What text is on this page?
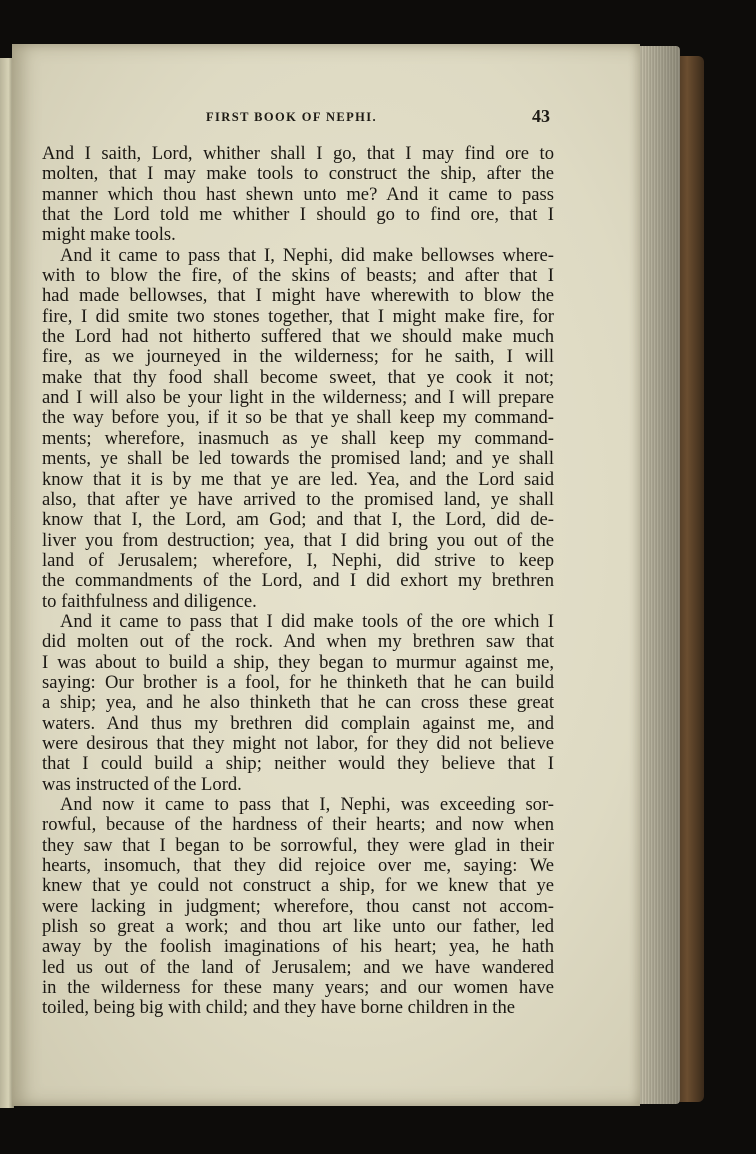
FIRST BOOK OF NEPHI.	43
And I saith, Lord, whither shall I go, that I may find ore to
molten, that I may make tools to construct the ship, after the
manner which thou hast shewn unto me? And it came to pass
that the Lord told me whither I should go to find ore, that I
might make tools.
And it came to pass that I, Nephi, did make bellowses where-
with to blow the fire, of the skins of beasts; and after that I
had made bellowses, that I might have wherewith to blow the
fire, I did smite two stones together, that I might make fire, for
the Lord had not hitherto suffered that we should make much
fire, as we journeyed in the wilderness; for he saith, I will
make that thy food shall become sweet, that ye cook it not;
and I will also be your light in the wilderness; and I will prepare
the way before you, if it so be that ye shall keep my command-
ments; wherefore, inasmuch as ye shall keep my command-
ments, ye shall be led towards the promised land; and ye shall
know that it is by me that ye are led. Yea, and the Lord said
also, that after ye have arrived to the promised land, ye shall
know that I, the Lord, am God; and that I, the Lord, did de-
liver you from destruction; yea, that I did bring you out of the
land of Jerusalem; wherefore, I, Nephi, did strive to keep
the commandments of the Lord, and I did exhort my brethren
to faithfulness and diligence.
And it came to pass that I did make tools of the ore which I
did molten out of the rock. And when my brethren saw that
I was about to build a ship, they began to murmur against me,
saying: Our brother is a fool, for he thinketh that he can build
a ship; yea, and he also thinketh that he can cross these great
waters. And thus my brethren did complain against me, and
were desirous that they might not labor, for they did not believe
that I could build a ship; neither would they believe that I
was instructed of the Lord.
And now it came to pass that I, Nephi, was exceeding sor-
rowful, because of the hardness of their hearts; and now when
they saw that I began to be sorrowful, they were glad in their
hearts, insomuch, that they did rejoice over me, saying: We
knew that ye could not construct a ship, for we knew that ye
were lacking in judgment; wherefore, thou canst not accom-
plish so great a work; and thou art like unto our father, led
away by the foolish imaginations of his heart; yea, he hath
led us out of the land of Jerusalem; and we have wandered
in the wilderness for these many years; and our women have
toiled, being big with child; and they have borne children in the
